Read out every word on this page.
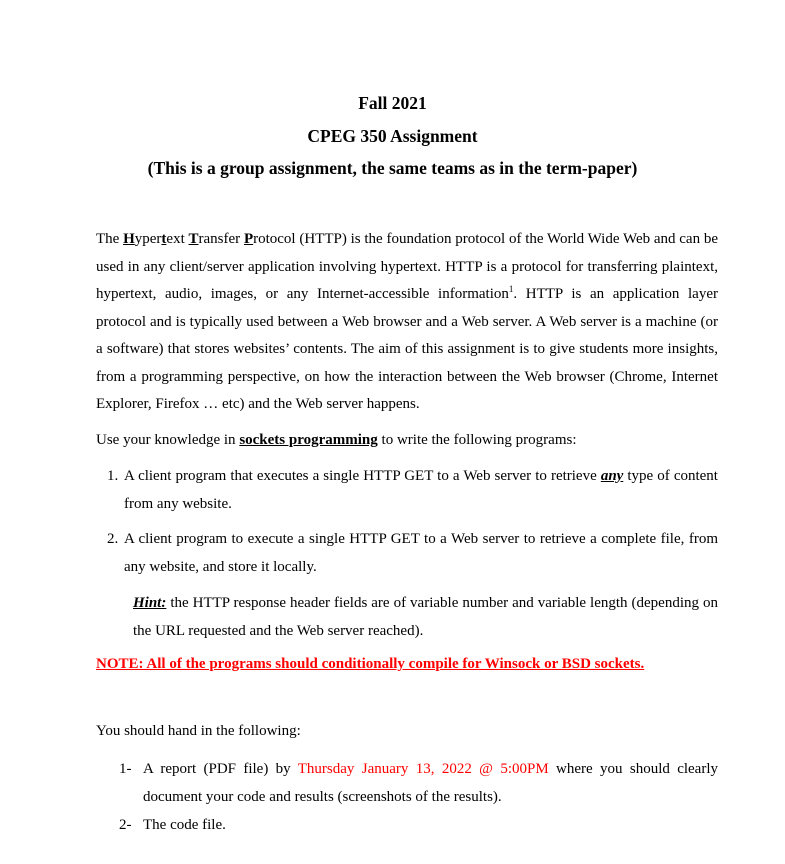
Fall 2021
CPEG 350 Assignment
(This is a group assignment, the same teams as in the term-paper)
The Hypertext Transfer Protocol (HTTP) is the foundation protocol of the World Wide Web and can be used in any client/server application involving hypertext. HTTP is a protocol for transferring plaintext, hypertext, audio, images, or any Internet-accessible information$^1$. HTTP is an application layer protocol and is typically used between a Web browser and a Web server. A Web server is a machine (or a software) that stores websites’ contents. The aim of this assignment is to give students more insights, from a programming perspective, on how the interaction between the Web browser (Chrome, Internet Explorer, Firefox … etc) and the Web server happens.
Use your knowledge in sockets programming to write the following programs:
1. A client program that executes a single HTTP GET to a Web server to retrieve any type of content from any website.
2. A client program to execute a single HTTP GET to a Web server to retrieve a complete file, from any website, and store it locally.
Hint: the HTTP response header fields are of variable number and variable length (depending on the URL requested and the Web server reached).
NOTE: All of the programs should conditionally compile for Winsock or BSD sockets.
You should hand in the following:
1- A report (PDF file) by Thursday January 13, 2022 @ 5:00PM where you should clearly document your code and results (screenshots of the results).
2- The code file.
